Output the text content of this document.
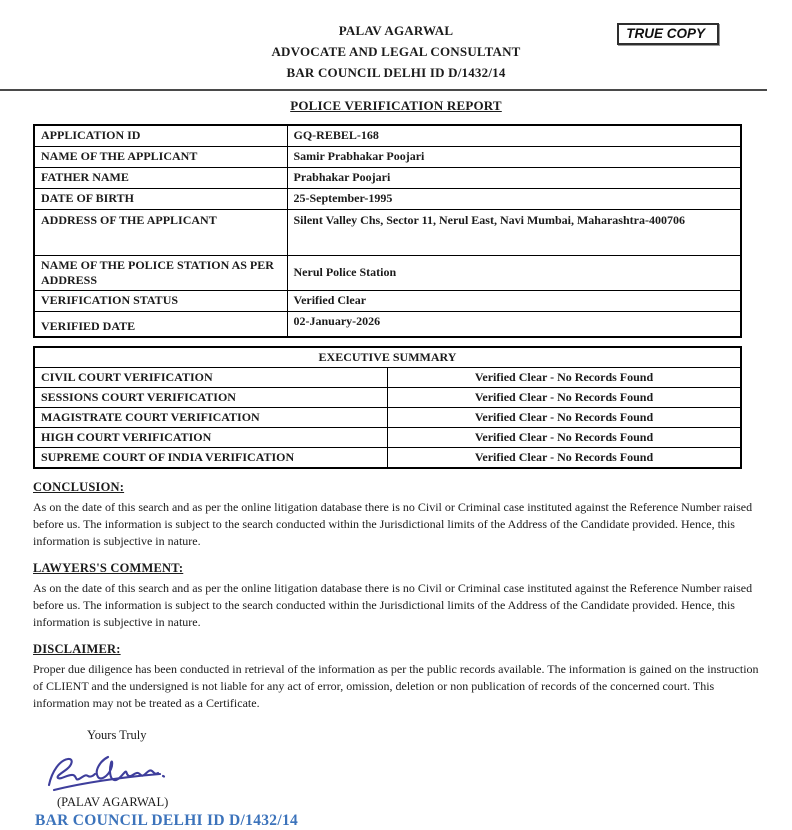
PALAV AGARWAL
ADVOCATE AND LEGAL CONSULTANT
BAR COUNCIL DELHI ID D/1432/14
TRUE COPY
POLICE VERIFICATION REPORT
APPLICATION ID	GQ-REBEL-168
NAME OF THE APPLICANT	Samir Prabhakar Poojari
FATHER NAME	Prabhakar Poojari
DATE OF BIRTH	25-September-1995
ADDRESS OF THE APPLICANT	Silent Valley Chs, Sector 11, Nerul East, Navi Mumbai, Maharashtra-400706
NAME OF THE POLICE STATION AS PER ADDRESS	Nerul Police Station
VERIFICATION STATUS	Verified Clear
VERIFIED DATE	02-January-2026
EXECUTIVE SUMMARY	
CIVIL COURT VERIFICATION	Verified Clear - No Records Found
SESSIONS COURT VERIFICATION	Verified Clear - No Records Found
MAGISTRATE COURT VERIFICATION	Verified Clear - No Records Found
HIGH COURT VERIFICATION	Verified Clear - No Records Found
SUPREME COURT OF INDIA VERIFICATION	Verified Clear - No Records Found
CONCLUSION:
As on the date of this search and as per the online litigation database there is no Civil or Criminal case instituted against the Reference Number raised before us. The information is subject to the search conducted within the Jurisdictional limits of the Address of the Candidate provided. Hence, this information is subjective in nature.
LAWYERS'S COMMENT:
As on the date of this search and as per the online litigation database there is no Civil or Criminal case instituted against the Reference Number raised before us. The information is subject to the search conducted within the Jurisdictional limits of the Address of the Candidate provided. Hence, this information is subjective in nature.
DISCLAIMER:
Proper due diligence has been conducted in retrieval of the information as per the public records available. The information is gained on the instruction of CLIENT and the undersigned is not liable for any act of error, omission, deletion or non publication of records of the concerned court. This information may not be treated as a Certificate.
Yours Truly
(PALAV AGARWAL)
BAR COUNCIL DELHI ID D/1432/14
